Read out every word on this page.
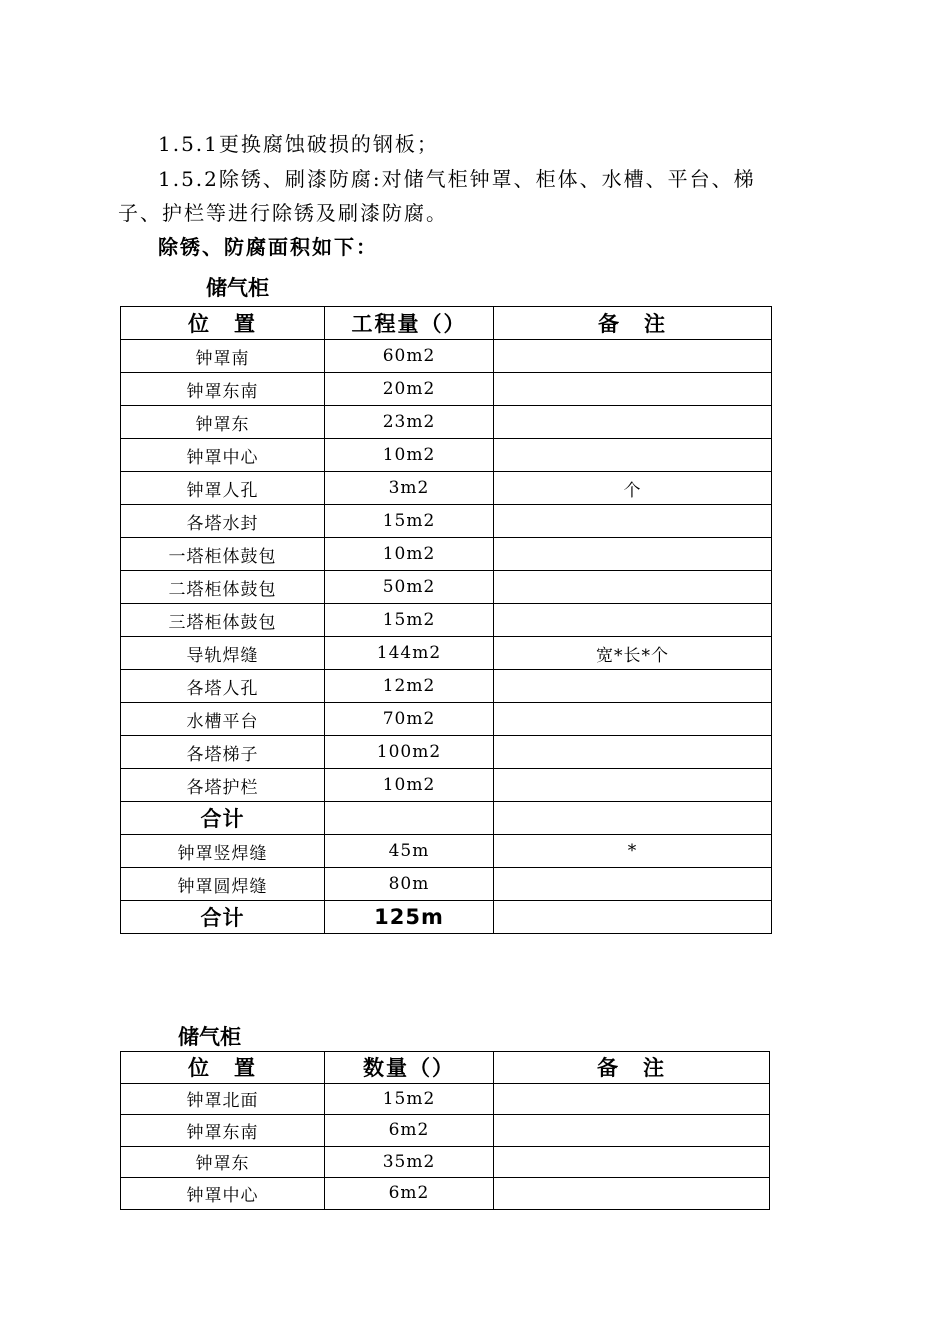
1.5.1更换腐蚀破损的钢板；
1.5.2除锈、刷漆防腐:对储气柜钟罩、柜体、水槽、平台、梯
子、护栏等进行除锈及刷漆防腐。
除锈、防腐面积如下：
储气柜
位　置	工程量（）	备　注
钟罩南	60m2	
钟罩东南	20m2	
钟罩东	23m2	
钟罩中心	10m2	
钟罩人孔	3m2	个
各塔水封	15m2	
一塔柜体鼓包	10m2	
二塔柜体鼓包	50m2	
三塔柜体鼓包	15m2	
导轨焊缝	144m2	宽*长*个
各塔人孔	12m2	
水槽平台	70m2	
各塔梯子	100m2	
各塔护栏	10m2	
合计		
钟罩竖焊缝	45m	*
钟罩圆焊缝	80m	
合计	125m	
储气柜
位　置	数量（）	备　注
钟罩北面	15m2	
钟罩东南	6m2	
钟罩东	35m2	
钟罩中心	6m2	
